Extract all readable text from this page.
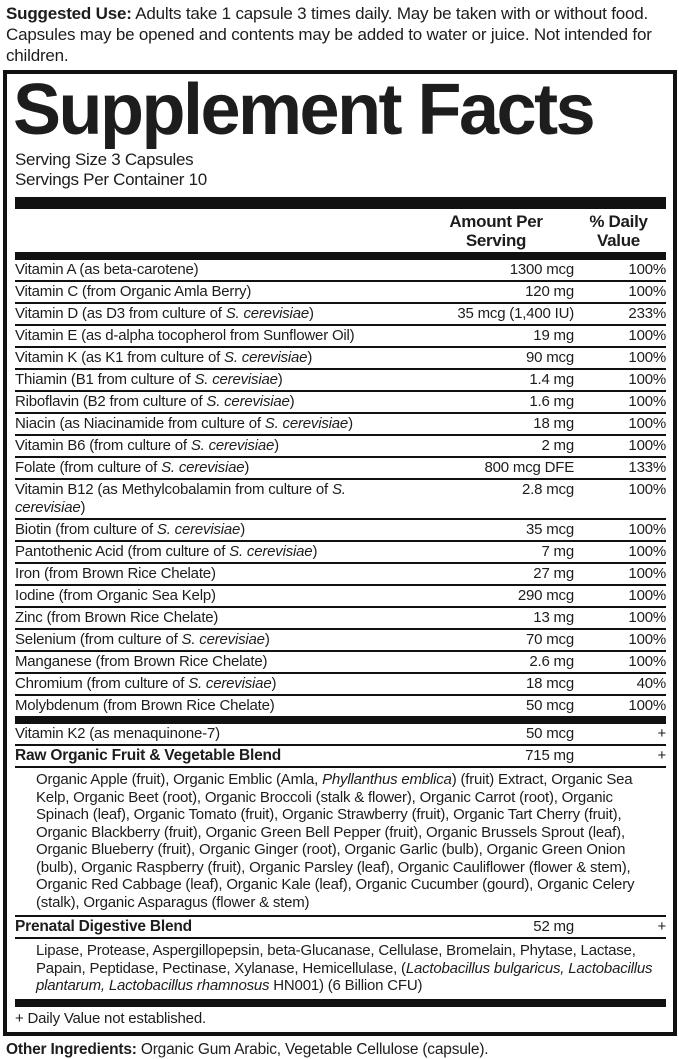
Suggested Use: Adults take 1 capsule 3 times daily. May be taken with or without food. Capsules may be opened and contents may be added to water or juice. Not intended for children.
Supplement Facts
Serving Size 3 Capsules
Servings Per Container 10
Amount Per Serving
% Daily Value
Vitamin A (as beta-carotene)	1300 mcg	100%
Vitamin C (from Organic Amla Berry)	120 mg	100%
Vitamin D (as D3 from culture of S. cerevisiae)	35 mcg (1,400 IU)	233%
Vitamin E (as d-alpha tocopherol from Sunflower Oil)	19 mg	100%
Vitamin K (as K1 from culture of S. cerevisiae)	90 mcg	100%
Thiamin (B1 from culture of S. cerevisiae)	1.4 mg	100%
Riboflavin (B2 from culture of S. cerevisiae)	1.6 mg	100%
Niacin (as Niacinamide from culture of S. cerevisiae)	18 mg	100%
Vitamin B6 (from culture of S. cerevisiae)	2 mg	100%
Folate (from culture of S. cerevisiae)	800 mcg DFE	133%
Vitamin B12 (as Methylcobalamin from culture of S. cerevisiae)
2.8 mcg	100%
Biotin (from culture of S. cerevisiae)	35 mcg	100%
Pantothenic Acid (from culture of S. cerevisiae)	7 mg	100%
Iron (from Brown Rice Chelate)	27 mg	100%
Iodine (from Organic Sea Kelp)	290 mcg	100%
Zinc (from Brown Rice Chelate)	13 mg	100%
Selenium (from culture of S. cerevisiae)	70 mcg	100%
Manganese (from Brown Rice Chelate)	2.6 mg	100%
Chromium (from culture of S. cerevisiae)	18 mcg	40%
Molybdenum (from Brown Rice Chelate)	50 mcg	100%
Vitamin K2 (as menaquinone-7)	50 mcg	+
Raw Organic Fruit & Vegetable Blend	715 mg	+
Organic Apple (fruit), Organic Emblic (Amla, Phyllanthus emblica) (fruit) Extract, Organic Sea Kelp, Organic Beet (root), Organic Broccoli (stalk & flower), Organic Carrot (root), Organic Spinach (leaf), Organic Tomato (fruit), Organic Strawberry (fruit), Organic Tart Cherry (fruit), Organic Blackberry (fruit), Organic Green Bell Pepper (fruit), Organic Brussels Sprout (leaf), Organic Blueberry (fruit), Organic Ginger (root), Organic Garlic (bulb), Organic Green Onion (bulb), Organic Raspberry (fruit), Organic Parsley (leaf), Organic Cauliflower (flower & stem), Organic Red Cabbage (leaf), Organic Kale (leaf), Organic Cucumber (gourd), Organic Celery (stalk), Organic Asparagus (flower & stem)
Prenatal Digestive Blend	52 mg	+
Lipase, Protease, Aspergillopepsin, beta-Glucanase, Cellulase, Bromelain, Phytase, Lactase, Papain, Peptidase, Pectinase, Xylanase, Hemicellulase, (Lactobacillus bulgaricus, Lactobacillus plantarum, Lactobacillus rhamnosus HN001) (6 Billion CFU)
+ Daily Value not established.
Other Ingredients: Organic Gum Arabic, Vegetable Cellulose (capsule).
